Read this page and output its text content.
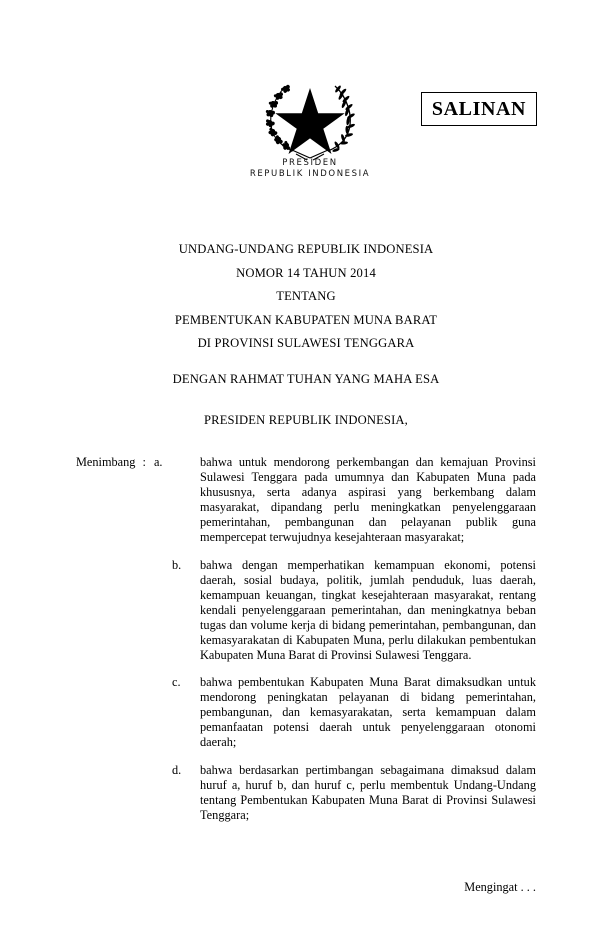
PRESIDEN
REPUBLIK INDONESIA
SALINAN
UNDANG-UNDANG REPUBLIK INDONESIA
NOMOR 14 TAHUN 2014
TENTANG
PEMBENTUKAN KABUPATEN MUNA BARAT
DI PROVINSI SULAWESI TENGGARA
DENGAN RAHMAT TUHAN YANG MAHA ESA
PRESIDEN REPUBLIK INDONESIA,
Menimbang : a.	bahwa untuk mendorong perkembangan dan kemajuan Provinsi Sulawesi Tenggara pada umumnya dan Kabupaten Muna pada khususnya, serta adanya aspirasi yang berkembang dalam masyarakat, dipandang perlu meningkatkan penyelenggaraan pemerintahan, pembangunan dan pelayanan publik guna mempercepat terwujudnya kesejahteraan masyarakat;
b.	bahwa dengan memperhatikan kemampuan ekonomi, potensi daerah, sosial budaya, politik, jumlah penduduk, luas daerah, kemampuan keuangan, tingkat kesejahteraan masyarakat, rentang kendali penyelenggaraan pemerintahan, dan meningkatnya beban tugas dan volume kerja di bidang pemerintahan, pembangunan, dan kemasyarakatan di Kabupaten Muna, perlu dilakukan pembentukan Kabupaten Muna Barat di Provinsi Sulawesi Tenggara.
c.	bahwa pembentukan Kabupaten Muna Barat dimaksudkan untuk mendorong peningkatan pelayanan di bidang pemerintahan, pembangunan, dan kemasyarakatan, serta kemampuan dalam pemanfaatan potensi daerah untuk penyelenggaraan otonomi daerah;
d.	bahwa berdasarkan pertimbangan sebagaimana dimaksud dalam huruf a, huruf b, dan huruf c, perlu membentuk Undang-Undang tentang Pembentukan Kabupaten Muna Barat di Provinsi Sulawesi Tenggara;
Mengingat . . .
